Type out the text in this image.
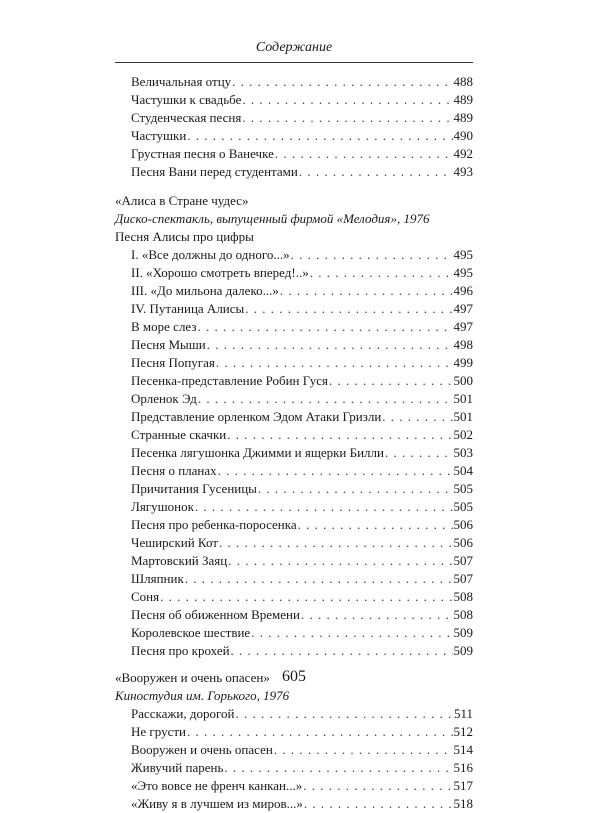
Содержание
Величальная отцу . . .	488
Частушки к свадьбе . . .	489
Студенческая песня . . .	489
Частушки . . .	490
Грустная песня о Ванечке . . .	492
Песня Вани перед студентами . . .	493
«Алиса в Стране чудес»
Диско-спектакль, выпущенный фирмой «Мелодия», 1976
Песня Алисы про цифры
I. «Все должны до одного...» . . .	495
II. «Хорошо смотреть вперед!..» . . .	495
III. «До мильона далеко...» . . .	496
IV. Путаница Алисы . . .	497
В море слез . . .	497
Песня Мыши . . .	498
Песня Попугая . . .	499
Песенка-представление Робин Гуся . . .	500
Орленок Эд . . .	501
Представление орленком Эдом Атаки Гризли . . .	501
Странные скачки . . .	502
Песенка лягушонка Джимми и ящерки Билли . . .	503
Песня о планах . . .	504
Причитания Гусеницы . . .	505
Лягушонок . . .	505
Песня про ребенка-поросенка . . .	506
Чеширский Кот . . .	506
Мартовский Заяц . . .	507
Шляпник . . .	507
Соня . . .	508
Песня об обиженном Времени . . .	508
Королевское шествие . . .	509
Песня про крохей . . .	509
«Вооружен и очень опасен»
Киностудия им. Горького, 1976
Расскажи, дорогой . . .	511
Не грусти . . .	512
Вооружен и очень опасен . . .	514
Живучий парень . . .	516
«Это вовсе не френч канкан...» . . .	517
«Живу я в лучшем из миров...» . . .	518
605
